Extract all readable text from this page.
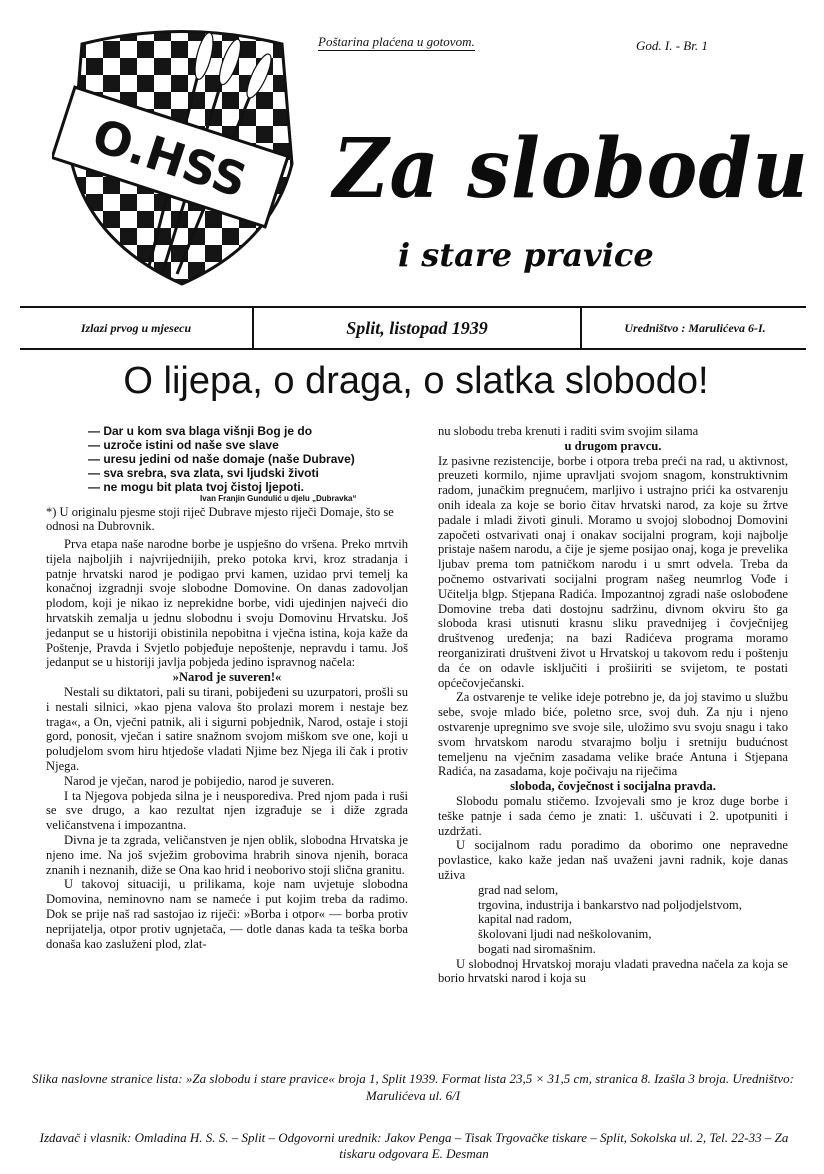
Poštarina plaćena u gotovom.	God. I. - Br. 1
O.HSS Za slobodu
i stare pravice
Izlazi prvog u mjesecu	Split, listopad 1939	Uredništvo : Marulićeva 6-I.
O lijepa, o draga, o slatka slobodo!
— Dar u kom sva blaga višnji Bog je do
— uzroče istini od naše sve slave
— uresu jedini od naše domaje (naše Dubrave)
— sva srebra, sva zlata, svi ljudski životi
— ne mogu bit plata tvoj čistoj ljepoti.
Ivan Franjin Gundulić u djelu „Dubravka“
*) U originalu pjesme stoji riječ Dubrave mjesto riječi Domaje, što se odnosi na Dubrovnik.

Prva etapa naše narodne borbe je uspješno do vršena. Preko mrtvih tijela najboljih i najvrijednijih, preko potoka krvi, kroz stradanja i patnje hrvatski narod je podigao prvi kamen, uzidao prvi temelj ka konačnoj izgradnji svoje slobodne Domovine. On danas zadovoljan plodom, koji je nikao iz neprekidne borbe, vidi ujedinjen najveći dio hrvatskih zemalja u jednu slobodnu i svoju Domovinu Hrvatsku. Još jedanput se u historiji obistinila nepobitna i vječna istina, koja kaže da Poštenje, Pravda i Svjetlo pobjeđuje nepoštenje, nepravdu i tamu. Još jedanput se u historiji javlja pobjeda jedino ispravnog načela:

»Narod je suveren!«

Nestali su diktatori, pali su tirani, pobijeđeni su uzurpatori, prošli su i nestali silnici, »kao pjena valova što prolazi morem i nestaje bez traga«, a On, vječni patnik, ali i sigurni pobjednik, Narod, ostaje i stoji gord, ponosit, vječan i satire snažnom svojom miškom sve one, koji u poludjelom svom hiru htjedoše vladati Njime bez Njega ili čak i protiv Njega.

Narod je vječan, narod je pobijedio, narod je suveren.

I ta Njegova pobjeda silna je i neusporediva. Pred njom pada i ruši se sve drugo, a kao rezultat njen izgrađuje se i diže zgrada veličanstvena i impozantna.

Divna je ta zgrada, veličanstven je njen oblik, slobodna Hrvatska je njeno ime. Na još svježim grobovima hrabrih sinova njenih, boraca znanih i neznanih, diže se Ona kao hrid i neoborivo stoji slična granitu.

U takovoj situaciji, u prilikama, koje nam uvjetuje slobodna Domovina, neminovno nam se nameće i put kojim treba da radimo. Dok se prije naš rad sastojao iz riječi: »Borba i otpor« — borba protiv neprijatelja, otpor protiv ugnjetača, — dotle danas kada ta teška borba donaša kao zasluženi plod, zlat-

nu slobodu treba krenuti i raditi svim svojim silama

u drugom pravcu.

Iz pasivne rezistencije, borbe i otpora treba preći na rad, u aktivnost, preuzeti kormilo, njime upravljati svojom snagom, konstruktivnim radom, junačkim pregnućem, marljivo i ustrajno prići ka ostvarenju onih ideala za koje se borio čitav hrvatski narod, za koje su žrtve padale i mladi životi ginuli. Moramo u svojoj slobodnoj Domovini započeti ostvarivati onaj i onakav socijalni program, koji najbolje pristaje našem narodu, a čije je sjeme posijao onaj, koga je prevelika ljubav prema tom patničkom narodu i u smrt odvela. Treba da počnemo ostvarivati socijalni program našeg neumrlog Vođe i Učitelja blgp. Stjepana Radića. Impozantnoj zgradi naše oslobođene Domovine treba dati dostojnu sadržinu, divnom okviru što ga sloboda krasi utisnuti krasnu sliku pravednijeg i čovječnijeg društvenog uređenja; na bazi Radićeva programa moramo reorganizirati društveni život u Hrvatskoj u takovom redu i poštenju da će on odavle isključiti i prošiiriti se svijetom, te postati općečovječanski.

Za ostvarenje te velike ideje potrebno je, da joj stavimo u službu sebe, svoje mlado biće, poletno srce, svoj duh. Za nju i njeno ostvarenje upregnimo sve svoje sile, uložimo svu svoju snagu i tako svom hrvatskom narodu stvarajmo bolju i sretniju budućnost temeljenu na vječnim zasadama velike braće Antuna i Stjepana Radića, na zasadama, koje počivaju na riječima

sloboda, čovječnost i socijalna pravda.

Slobodu pomalu stičemo. Izvojevali smo je kroz duge borbe i teške patnje i sada ćemo je znati: 1. uščuvati i 2. upotpuniti i uzdržati.

U socijalnom radu poradimo da oborimo one nepravedne povlastice, kako kaže jedan naš uvaženi javni radnik, koje danas uživa

grad nad selom,

trgovina, industrija i bankarstvo nad poljodjelstvom,

kapital nad radom,

školovani ljudi nad neškolovanim,

bogati nad siromašnim.

U slobodnoj Hrvatskoj moraju vladati pravedna načela za koja se borio hrvatski narod i koja su

Slika naslovne stranice lista: »Za slobodu i stare pravice« broja 1, Split 1939. Format lista 23,5 × 31,5 cm, stranica 8. Izašla 3 broja. Uredništvo: Marulićeva ul. 6/I
Izdavač i vlasnik: Omladina H. S. S. – Split – Odgovorni urednik: Jakov Penga – Tisak Trgovačke tiskare – Split, Sokolska ul. 2, Tel. 22-33 – Za tiskaru odgovara E. Desman
